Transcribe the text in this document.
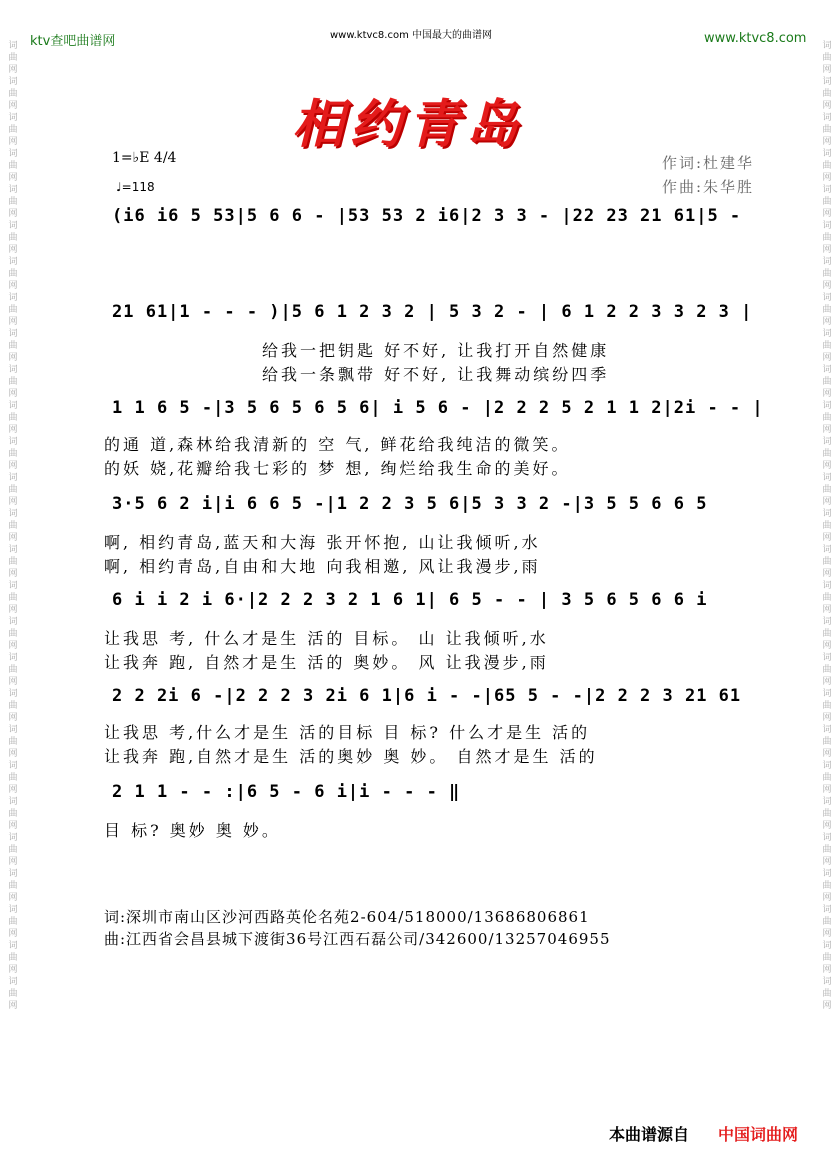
ktv查吧曲谱网	www.ktvc8.com 中国最大的曲谱网	www.ktvc8.com
词曲网词曲网词曲网词曲网词曲网词曲网词曲网词曲网词曲网词曲网词曲网词曲网词曲网词曲网词曲网词曲网词曲网词曲网词曲网词曲网词曲网词曲网词曲网词曲网词曲网词曲网词曲网
词曲网词曲网词曲网词曲网词曲网词曲网词曲网词曲网词曲网词曲网词曲网词曲网词曲网词曲网词曲网词曲网词曲网词曲网词曲网词曲网词曲网词曲网词曲网词曲网词曲网词曲网词曲网
相约青岛
1=♭E 4/4
♩=118
作词:杜建华
作曲:朱华胜
(i6 i6 5 53|5 6 6 - |53 53 2 i6|2 3 3 - |22 23 21 61|5 -
21 61|1 - - - )|5 6 1 2 3 2 | 5 3 2 - | 6 1 2 2 3 3 2 3 |
给我一把钥匙 好不好, 让我打开自然健康
给我一条飘带 好不好, 让我舞动缤纷四季
1 1 6 5 -|3 5 6 5 6 5 6| i 5 6 - |2 2 2 5 2 1 1 2|2i - - |
的通 道,森林给我清新的 空 气, 鲜花给我纯洁的微笑。
的妖 娆,花瓣给我七彩的 梦 想, 绚烂给我生命的美好。
3·5 6 2 i|i 6 6 5 -|1 2 2 3 5 6|5 3 3 2 -|3 5 5 6 6 5
啊, 相约青岛,蓝天和大海 张开怀抱, 山让我倾听,水
啊, 相约青岛,自由和大地 向我相邀, 风让我漫步,雨
6 i i 2 i 6·|2 2 2 3 2 1 6 1| 6 5 - - | 3 5 6 5 6 6 i
让我思 考, 什么才是生 活的 目标。 山 让我倾听,水
让我奔 跑, 自然才是生 活的 奥妙。 风 让我漫步,雨
2 2 2i 6 -|2 2 2 3 2i 6 1|6 i - -|65 5 - -|2 2 2 3 21 61
让我思 考,什么才是生 活的目标 目 标? 什么才是生 活的
让我奔 跑,自然才是生 活的奥妙 奥 妙。 自然才是生 活的
2 1 1 - - :|6 5 - 6 i|i - - - ‖
目 标? 奥妙 奥 妙。
词:深圳市南山区沙河西路英伦名苑2-604/518000/13686806861
曲:江西省会昌县城下渡街36号江西石磊公司/342600/13257046955
本曲谱源自 中国词曲网
